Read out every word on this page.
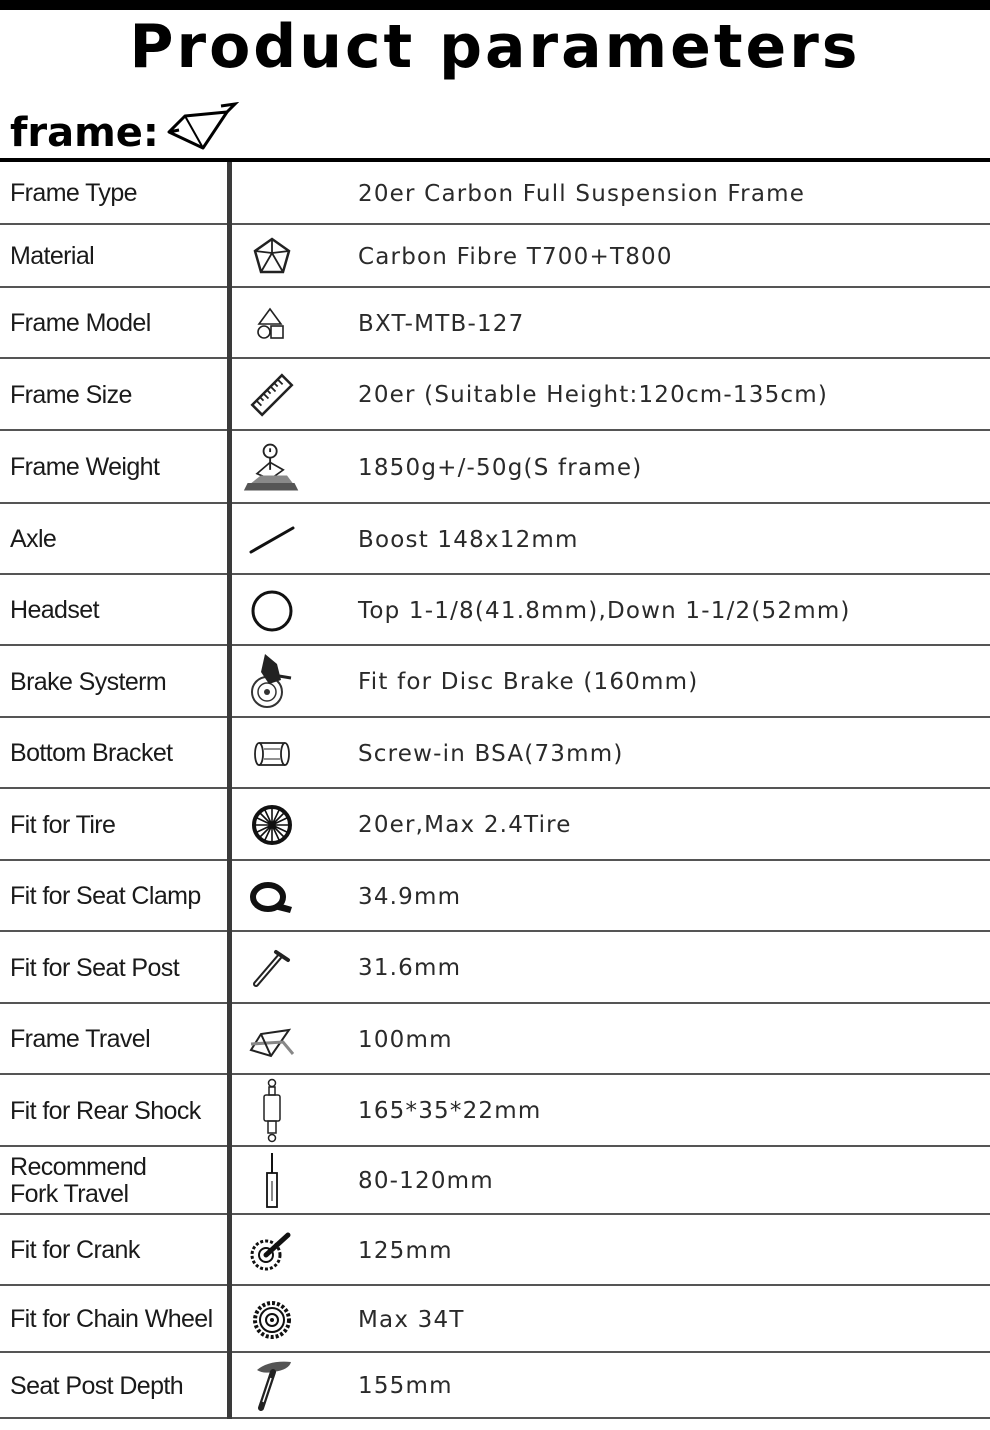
Product parameters
frame:
Frame Type	20er Carbon Full Suspension Frame
Material	Carbon Fibre T700+T800
Frame Model	BXT-MTB-127
Frame Size	20er (Suitable Height:120cm-135cm)
Frame Weight	1850g+/-50g(S frame)
Axle	Boost 148x12mm
Headset	Top 1-1/8(41.8mm),Down 1-1/2(52mm)
Brake Systerm	Fit for Disc Brake (160mm)
Bottom Bracket	Screw-in BSA(73mm)
Fit for Tire	20er,Max 2.4Tire
Fit for Seat Clamp	34.9mm
Fit for Seat Post	31.6mm
Frame Travel	100mm
Fit for Rear Shock	165*35*22mm
Recommend
Fork Travel	80-120mm
Fit for Crank	125mm
Fit for Chain Wheel	Max 34T
Seat Post Depth	155mm
